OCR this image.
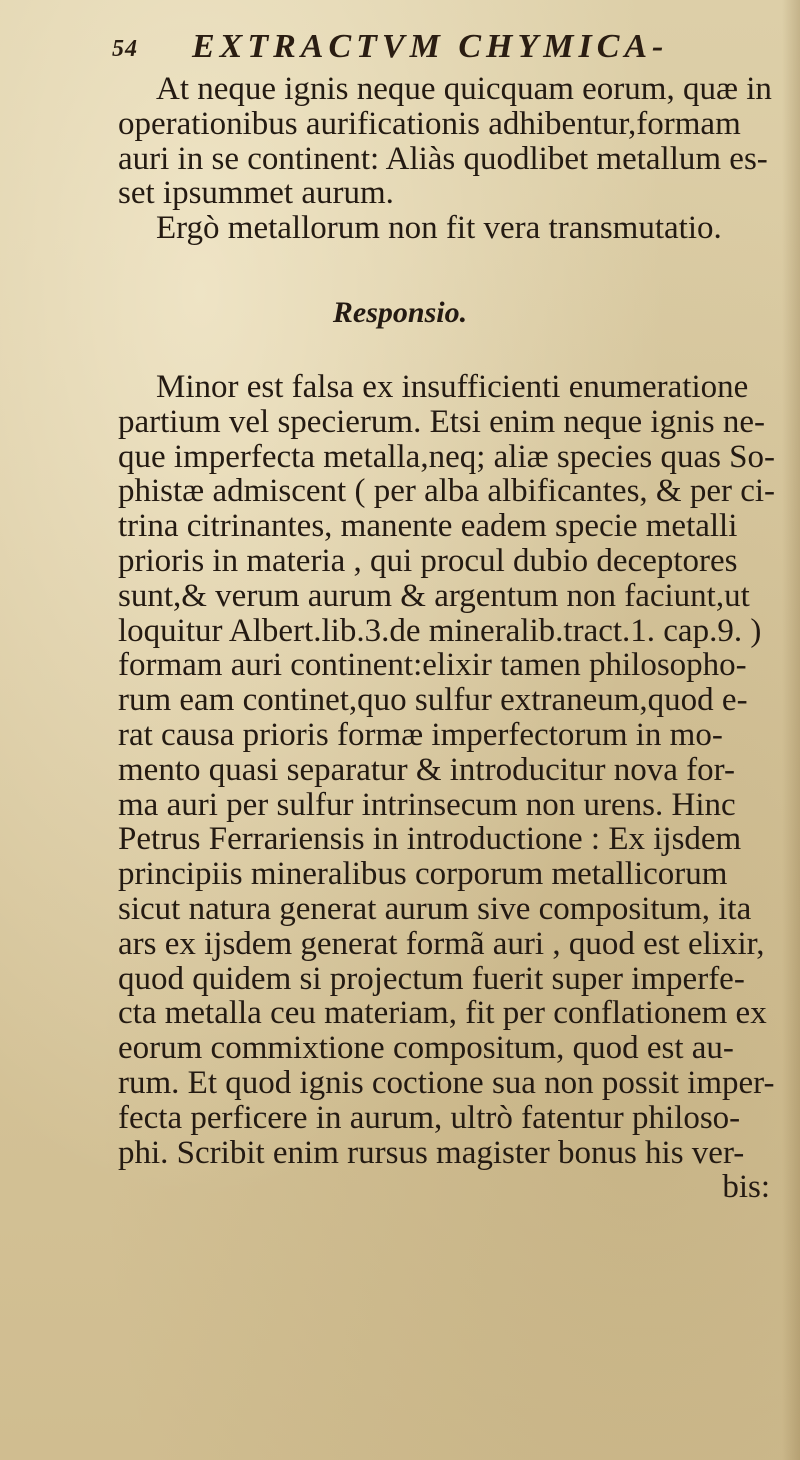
54 EXTRACTVM CHYMICA-
At neque ignis neque quicquam eorum, quæ in
operationibus aurificationis adhibentur,formam
auri in se continent: Aliàs quodlibet metallum es-
set ipsummet aurum.
Ergò metallorum non fit vera transmutatio.
Responsio.
Minor est falsa ex insufficienti enumeratione
partium vel specierum. Etsi enim neque ignis ne-
que imperfecta metalla,neq; aliæ species quas So-
phistæ admiscent ( per alba albificantes, & per ci-
trina citrinantes, manente eadem specie metalli
prioris in materia , qui procul dubio deceptores
sunt,& verum aurum & argentum non faciunt,ut
loquitur Albert.lib.3.de mineralib.tract.1. cap.9. )
formam auri continent:elixir tamen philosopho-
rum eam continet,quo sulfur extraneum,quod e-
rat causa prioris formæ imperfectorum in mo-
mento quasi separatur & introducitur nova for-
ma auri per sulfur intrinsecum non urens. Hinc
Petrus Ferrariensis in introductione : Ex ijsdem
principiis mineralibus corporum metallicorum
sicut natura generat aurum sive compositum, ita
ars ex ijsdem generat formã auri , quod est elixir,
quod quidem si projectum fuerit super imperfe-
cta metalla ceu materiam, fit per conflationem ex
eorum commixtione compositum, quod est au-
rum. Et quod ignis coctione sua non possit imper-
fecta perficere in aurum, ultrò fatentur philoso-
phi. Scribit enim rursus magister bonus his ver-
bis:
